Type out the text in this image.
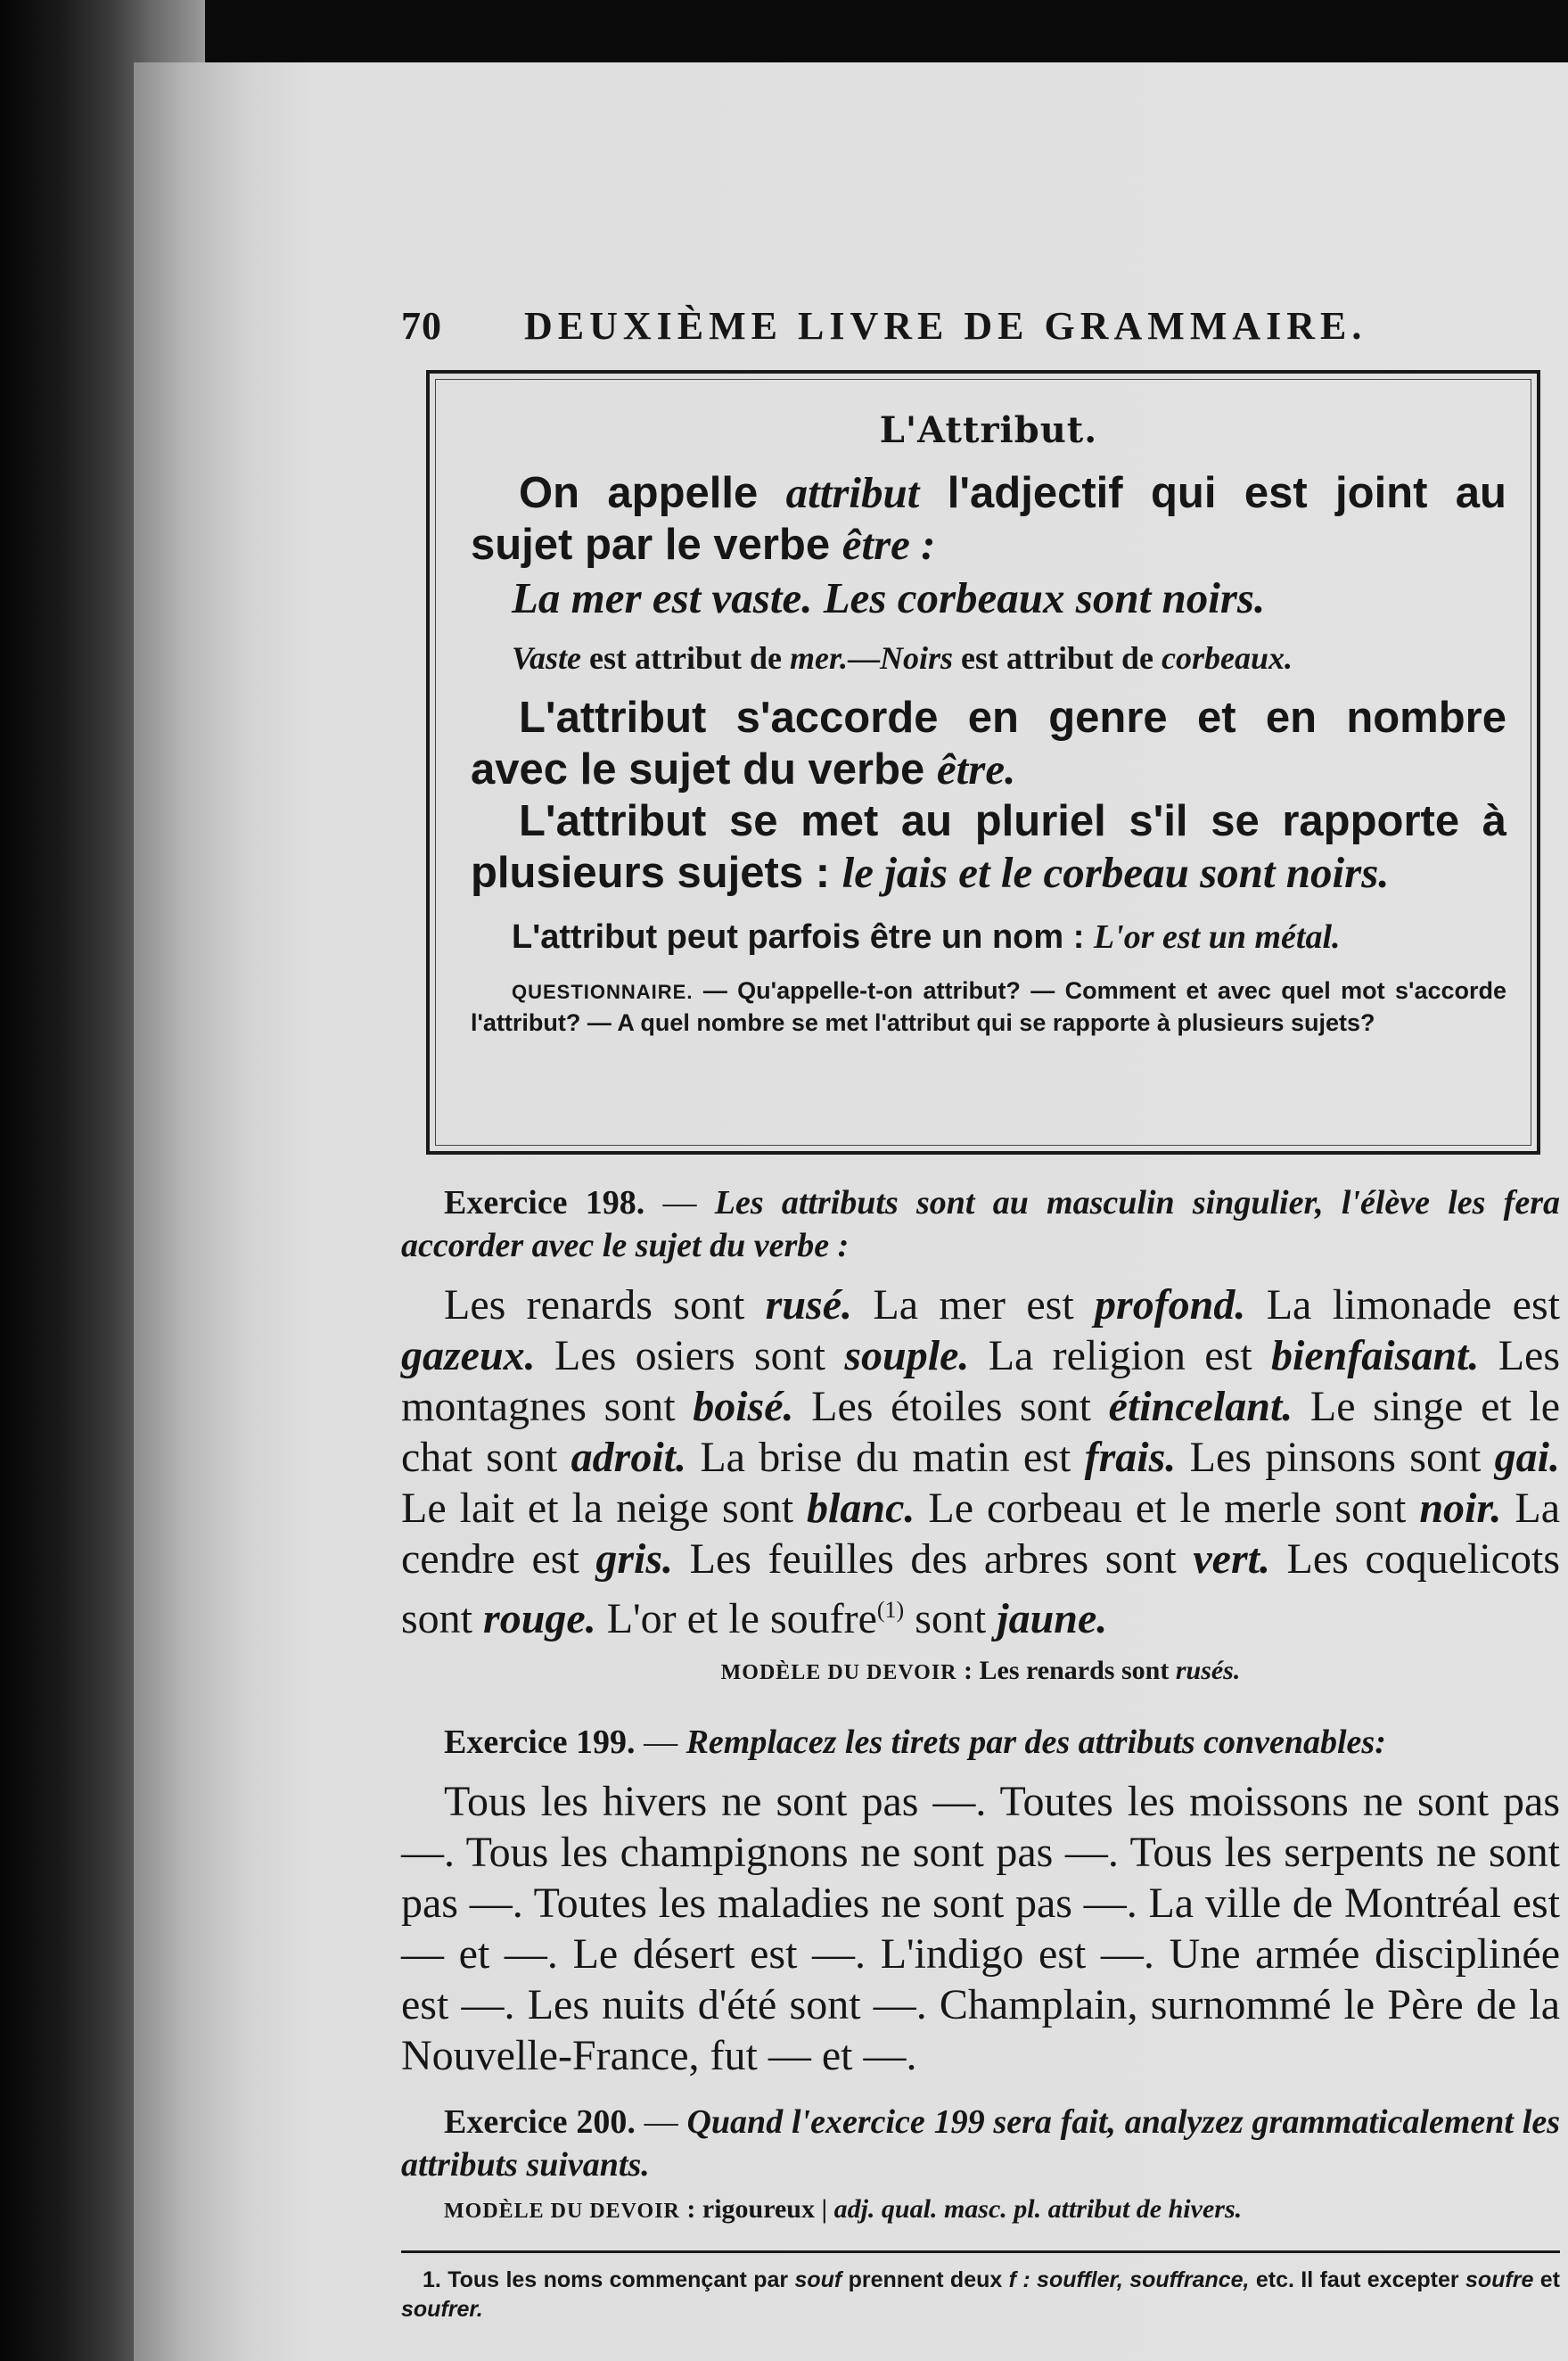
70	DEUXIÈME LIVRE DE GRAMMAIRE.

L'Attribut.

On appelle attribut l'adjectif qui est joint au sujet par le verbe être :

La mer est vaste. Les corbeaux sont noirs.

Vaste est attribut de mer.—Noirs est attribut de corbeaux.

L'attribut s'accorde en genre et en nombre avec le sujet du verbe être.

L'attribut se met au pluriel s'il se rapporte à plusieurs sujets : le jais et le corbeau sont noirs.

L'attribut peut parfois être un nom : L'or est un métal.

QUESTIONNAIRE. — Qu'appelle-t-on attribut? — Comment et avec quel mot s'accorde l'attribut? — A quel nombre se met l'attribut qui se rapporte à plusieurs sujets?

Exercice 198. — Les attributs sont au masculin singulier, l'élève les fera accorder avec le sujet du verbe :

Les renards sont rusé. La mer est profond. La limonade est gazeux. Les osiers sont souple. La religion est bienfaisant. Les montagnes sont boisé. Les étoiles sont étincelant. Le singe et le chat sont adroit. La brise du matin est frais. Les pinsons sont gai. Le lait et la neige sont blanc. Le corbeau et le merle sont noir. La cendre est gris. Les feuilles des arbres sont vert. Les coquelicots sont rouge. L'or et le soufre$^{(1)}$ sont jaune.

MODÈLE DU DEVOIR : Les renards sont rusés.

Exercice 199. — Remplacez les tirets par des attributs convenables:

Tous les hivers ne sont pas —. Toutes les moissons ne sont pas —. Tous les champignons ne sont pas —. Tous les serpents ne sont pas —. Toutes les maladies ne sont pas —. La ville de Montréal est — et —. Le désert est —. L'indigo est —. Une armée disciplinée est —. Les nuits d'été sont —. Champlain, surnommé le Père de la Nouvelle-France, fut — et —.

Exercice 200. — Quand l'exercice 199 sera fait, analyzez grammaticalement les attributs suivants.

MODÈLE DU DEVOIR : rigoureux | adj. qual. masc. pl. attribut de hivers.

1. Tous les noms commençant par souf prennent deux f : souffler, souffrance, etc. Il faut excepter soufre et soufrer.
